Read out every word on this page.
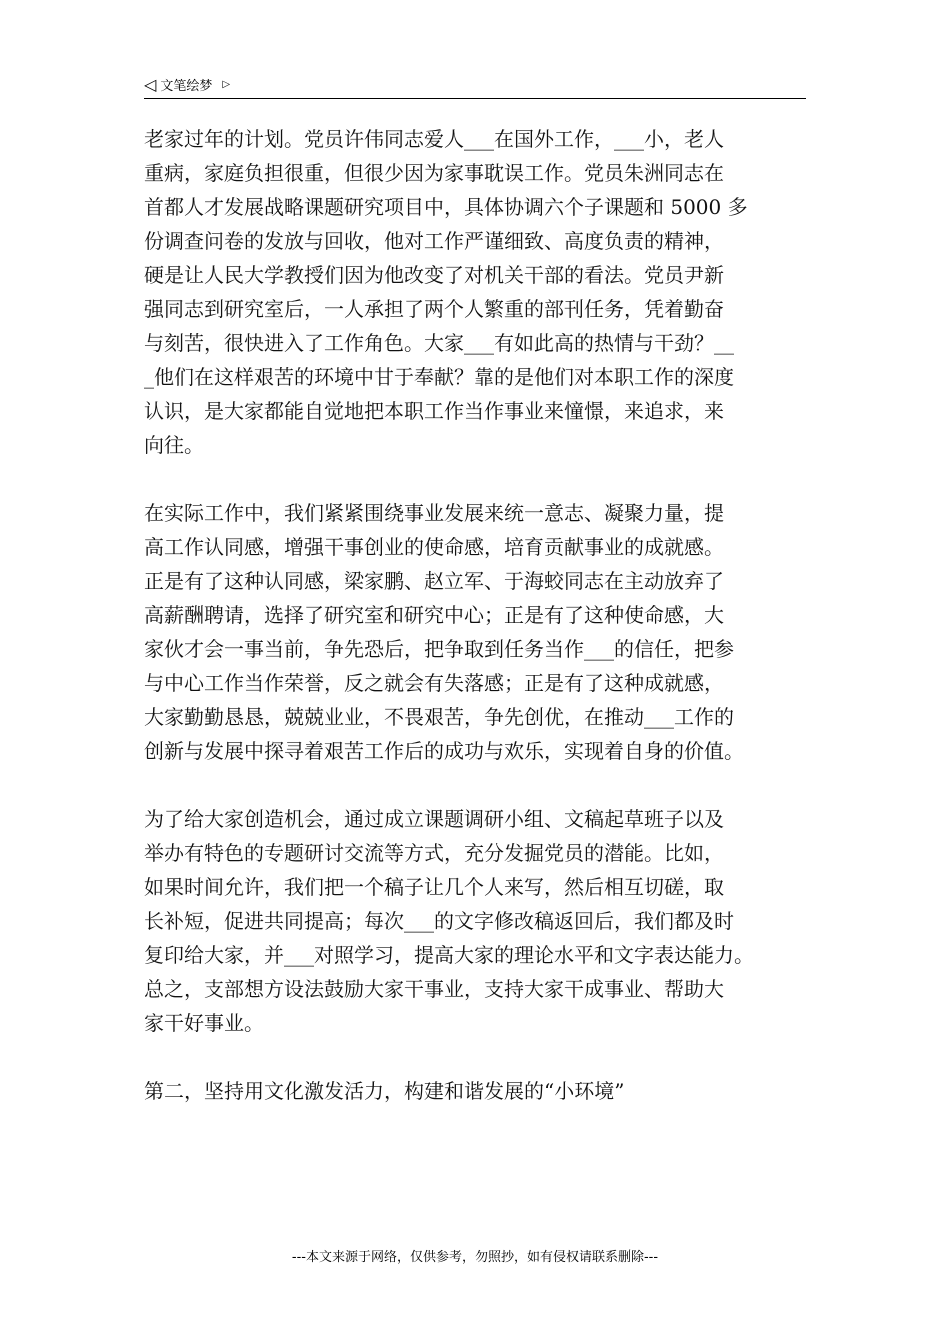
◁ 文笔绘梦 ▷
老家过年的计划。党员许伟同志爱人___在国外工作，___小，老人
重病，家庭负担很重，但很少因为家事耽误工作。党员朱洲同志在
首都人才发展战略课题研究项目中，具体协调六个子课题和 5000 多
份调查问卷的发放与回收，他对工作严谨细致、高度负责的精神，
硬是让人民大学教授们因为他改变了对机关干部的看法。党员尹新
强同志到研究室后，一人承担了两个人繁重的部刊任务，凭着勤奋
与刻苦，很快进入了工作角色。大家___有如此高的热情与干劲？__
_他们在这样艰苦的环境中甘于奉献？靠的是他们对本职工作的深度
认识，是大家都能自觉地把本职工作当作事业来憧憬，来追求，来
向往。
在实际工作中，我们紧紧围绕事业发展来统一意志、凝聚力量，提
高工作认同感，增强干事创业的使命感，培育贡献事业的成就感。
正是有了这种认同感，梁家鹏、赵立军、于海蛟同志在主动放弃了
高薪酬聘请，选择了研究室和研究中心；正是有了这种使命感，大
家伙才会一事当前，争先恐后，把争取到任务当作___的信任，把参
与中心工作当作荣誉，反之就会有失落感；正是有了这种成就感，
大家勤勤恳恳，兢兢业业，不畏艰苦，争先创优，在推动___工作的
创新与发展中探寻着艰苦工作后的成功与欢乐，实现着自身的价值。
为了给大家创造机会，通过成立课题调研小组、文稿起草班子以及
举办有特色的专题研讨交流等方式，充分发掘党员的潜能。比如，
如果时间允许，我们把一个稿子让几个人来写，然后相互切磋，取
长补短，促进共同提高；每次___的文字修改稿返回后，我们都及时
复印给大家，并___对照学习，提高大家的理论水平和文字表达能力。
总之，支部想方设法鼓励大家干事业，支持大家干成事业、帮助大
家干好事业。
第二，坚持用文化激发活力，构建和谐发展的“小环境”
---本文来源于网络，仅供参考，勿照抄，如有侵权请联系删除---
